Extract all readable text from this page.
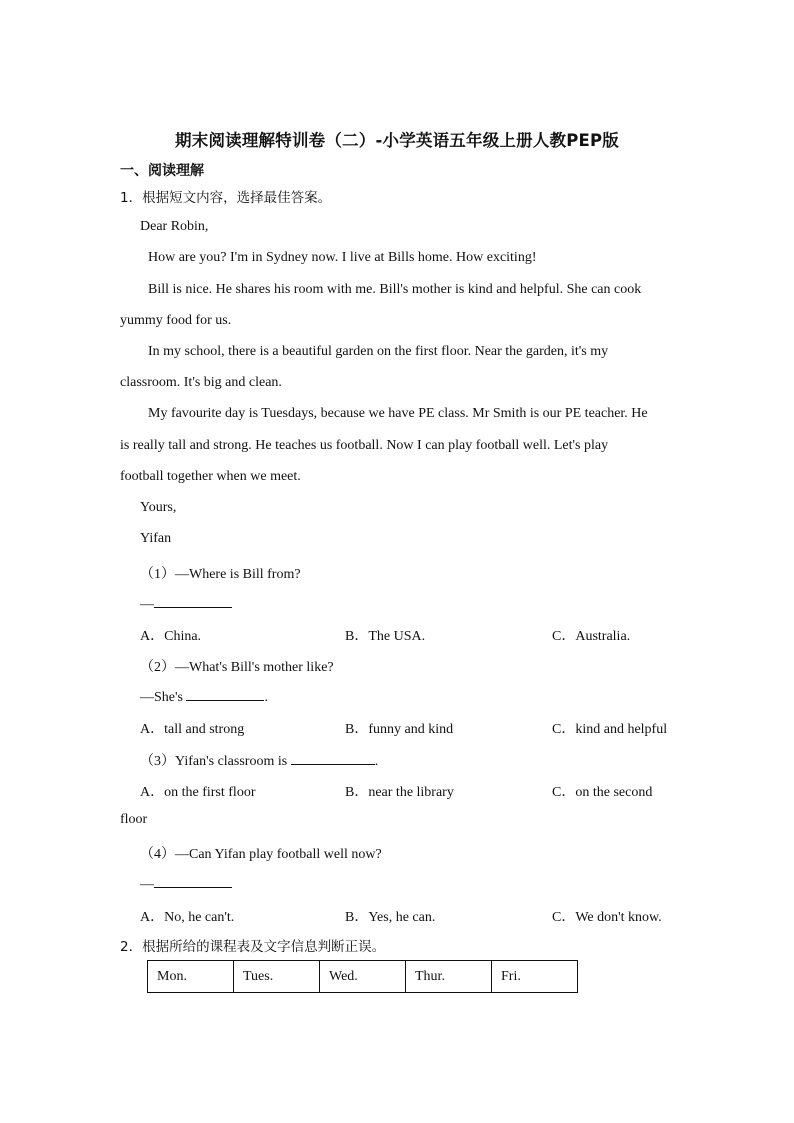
期末阅读理解特训卷（二）-小学英语五年级上册人教PEP版
一、阅读理解
1．根据短文内容，选择最佳答案。
Dear Robin,
How are you? I'm in Sydney now. I live at Bills home. How exciting!
Bill is nice. He shares his room with me. Bill's mother is kind and helpful. She can cook
yummy food for us.
In my school, there is a beautiful garden on the first floor. Near the garden, it's my
classroom. It's big and clean.
My favourite day is Tuesdays, because we have PE class. Mr Smith is our PE teacher. He
is really tall and strong. He teaches us football. Now I can play football well. Let's play
football together when we meet.
Yours,
Yifan
（1）—Where is Bill from?
—
A．China.	B．The USA.	C．Australia.
（2）—What's Bill's mother like?
—She's	.
A．tall and strong	B．funny and kind	C．kind and helpful
（3）Yifan's classroom is	.
A．on the first floor	B．near the library	C．on the second
floor
（4）—Can Yifan play football well now?
—
A．No, he can't.	B．Yes, he can.	C．We don't know.
2．根据所给的课程表及文字信息判断正误。
Mon.	Tues.	Wed.	Thur.	Fri.
